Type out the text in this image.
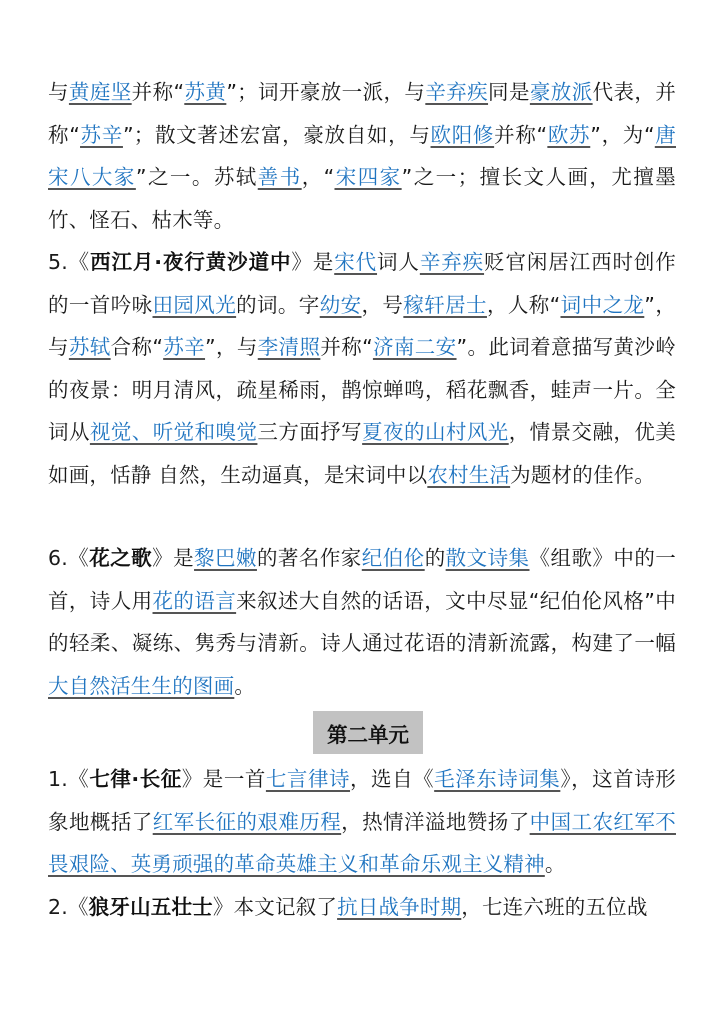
与黄庭坚并称“苏黄”；词开豪放一派，与辛弃疾同是豪放派代表，并称“苏辛”；散文著述宏富，豪放自如，与欧阳修并称“欧苏”，为“唐宋八大家”之一。苏轼善书，“宋四家”之一；擅长文人画，尤擅墨竹、怪石、枯木等。
5.《西江月·夜行黄沙道中》是宋代词人辛弃疾贬官闲居江西时创作的一首吟咏田园风光的词。字幼安，号稼轩居士，人称“词中之龙”，与苏轼合称“苏辛”，与李清照并称“济南二安”。此词着意描写黄沙岭的夜景：明月清风，疏星稀雨，鹊惊蝉鸣，稻花飘香，蛙声一片。全词从视觉、听觉和嗅觉三方面抒写夏夜的山村风光，情景交融，优美如画，恬静 自然，生动逼真，是宋词中以农村生活为题材的佳作。
6.《花之歌》是黎巴嫩的著名作家纪伯伦的散文诗集《组歌》中的一首，诗人用花的语言来叙述大自然的话语，文中尽显“纪伯伦风格”中的轻柔、凝练、隽秀与清新。诗人通过花语的清新流露，构建了一幅大自然活生生的图画。
第二单元
1.《七律·长征》是一首七言律诗，选自《毛泽东诗词集》，这首诗形象地概括了红军长征的艰难历程，热情洋溢地赞扬了中国工农红军不畏艰险、英勇顽强的革命英雄主义和革命乐观主义精神。
2.《狼牙山五壮士》本文记叙了抗日战争时期，七连六班的五位战
